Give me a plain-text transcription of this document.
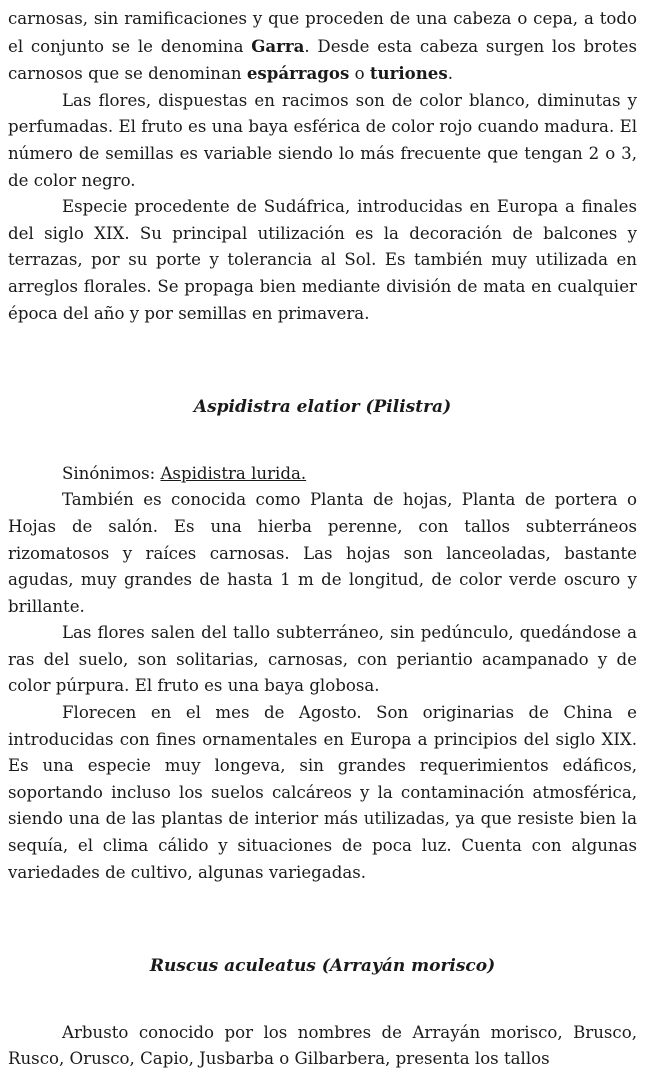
carnosas, sin ramificaciones y que proceden de una cabeza o cepa, a todo el conjunto se le denomina Garra. Desde esta cabeza surgen los brotes carnosos que se denominan espárragos o turiones.

Las flores, dispuestas en racimos son de color blanco, diminutas y perfumadas. El fruto es una baya esférica de color rojo cuando madura. El número de semillas es variable siendo lo más frecuente que tengan 2 o 3, de color negro.

Especie procedente de Sudáfrica, introducidas en Europa a finales del siglo XIX. Su principal utilización es la decoración de balcones y terrazas, por su porte y tolerancia al Sol. Es también muy utilizada en arreglos florales. Se propaga bien mediante división de mata en cualquier época del año y por semillas en primavera.

Aspidistra elatior (Pilistra)

Sinónimos: Aspidistra lurida.

También es conocida como Planta de hojas, Planta de portera o Hojas de salón. Es una hierba perenne, con tallos subterráneos rizomatosos y raíces carnosas. Las hojas son lanceoladas, bastante agudas, muy grandes de hasta 1 m de longitud, de color verde oscuro y brillante.

Las flores salen del tallo subterráneo, sin pedúnculo, quedándose a ras del suelo, son solitarias, carnosas, con periantio acampanado y de color púrpura. El fruto es una baya globosa.

Florecen en el mes de Agosto. Son originarias de China e introducidas con fines ornamentales en Europa a principios del siglo XIX. Es una especie muy longeva, sin grandes requerimientos edáficos, soportando incluso los suelos calcáreos y la contaminación atmosférica, siendo una de las plantas de interior más utilizadas, ya que resiste bien la sequía, el clima cálido y situaciones de poca luz. Cuenta con algunas variedades de cultivo, algunas variegadas.

Ruscus aculeatus (Arrayán morisco)

Arbusto conocido por los nombres de Arrayán morisco, Brusco, Rusco, Orusco, Capio, Jusbarba o Gilbarbera, presenta los tallos
